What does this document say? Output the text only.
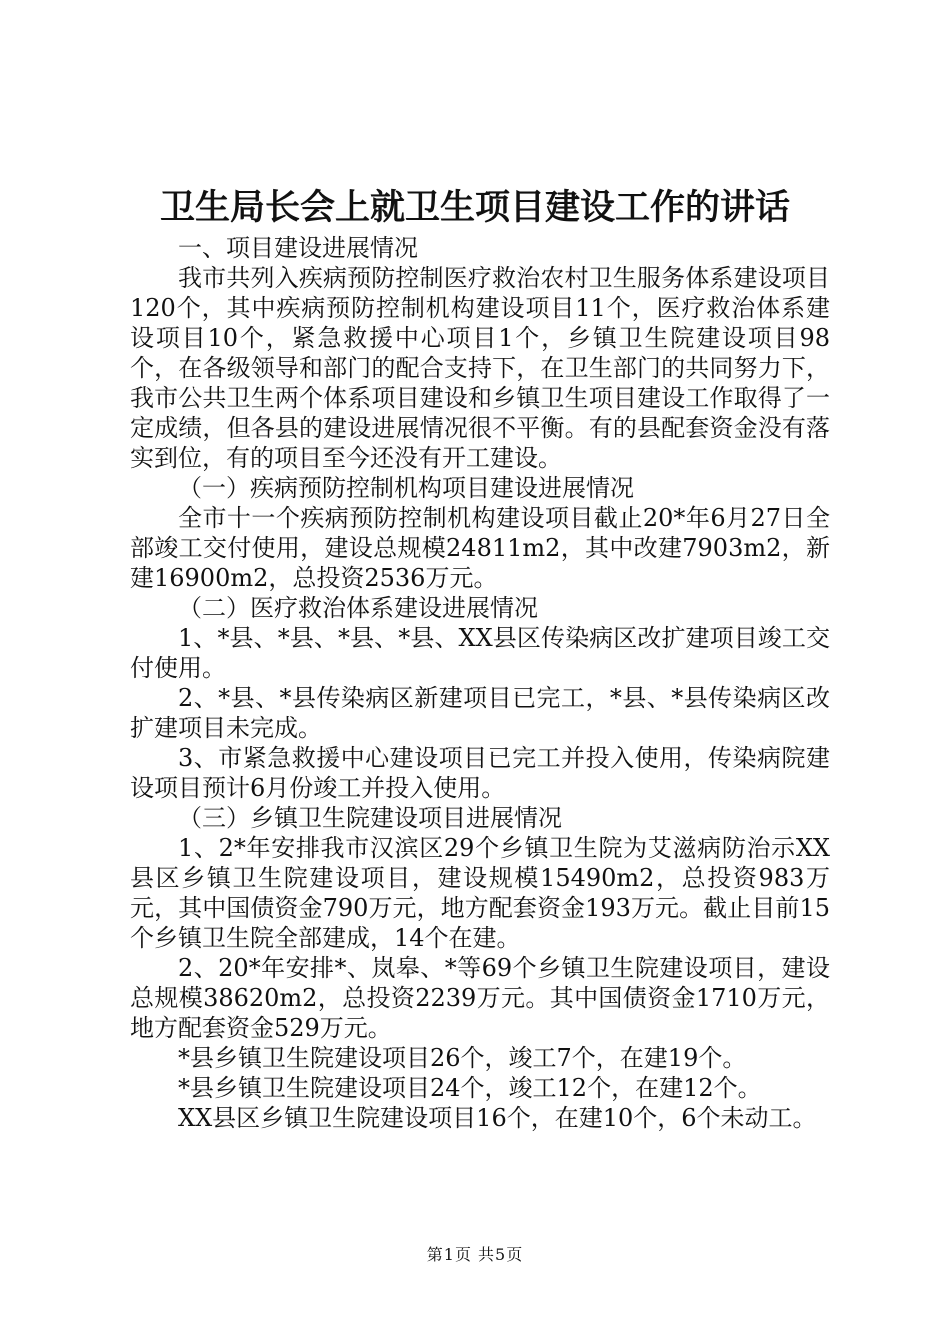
卫生局长会上就卫生项目建设工作的讲话

一、项目建设进展情况

我市共列入疾病预防控制医疗救治农村卫生服务体系建设项目120个，其中疾病预防控制机构建设项目11个，医疗救治体系建设项目10个，紧急救援中心项目1个，乡镇卫生院建设项目98个，在各级领导和部门的配合支持下，在卫生部门的共同努力下，我市公共卫生两个体系项目建设和乡镇卫生项目建设工作取得了一定成绩，但各县的建设进展情况很不平衡。有的县配套资金没有落实到位，有的项目至今还没有开工建设。

（一）疾病预防控制机构项目建设进展情况

全市十一个疾病预防控制机构建设项目截止20*年6月27日全部竣工交付使用，建设总规模24811m2，其中改建7903m2，新建16900m2，总投资2536万元。

（二）医疗救治体系建设进展情况

1、*县、*县、*县、*县、XX县区传染病区改扩建项目竣工交付使用。

2、*县、*县传染病区新建项目已完工，*县、*县传染病区改扩建项目未完成。

3、市紧急救援中心建设项目已完工并投入使用，传染病院建设项目预计6月份竣工并投入使用。

（三）乡镇卫生院建设项目进展情况

1、2*年安排我市汉滨区29个乡镇卫生院为艾滋病防治示XX县区乡镇卫生院建设项目，建设规模15490m2，总投资983万元，其中国债资金790万元，地方配套资金193万元。截止目前15个乡镇卫生院全部建成，14个在建。

2、20*年安排*、岚皋、*等69个乡镇卫生院建设项目，建设总规模38620m2，总投资2239万元。其中国债资金1710万元，地方配套资金529万元。

*县乡镇卫生院建设项目26个，竣工7个，在建19个。

*县乡镇卫生院建设项目24个，竣工12个，在建12个。

XX县区乡镇卫生院建设项目16个，在建10个，6个未动工。

第1页 共5页
